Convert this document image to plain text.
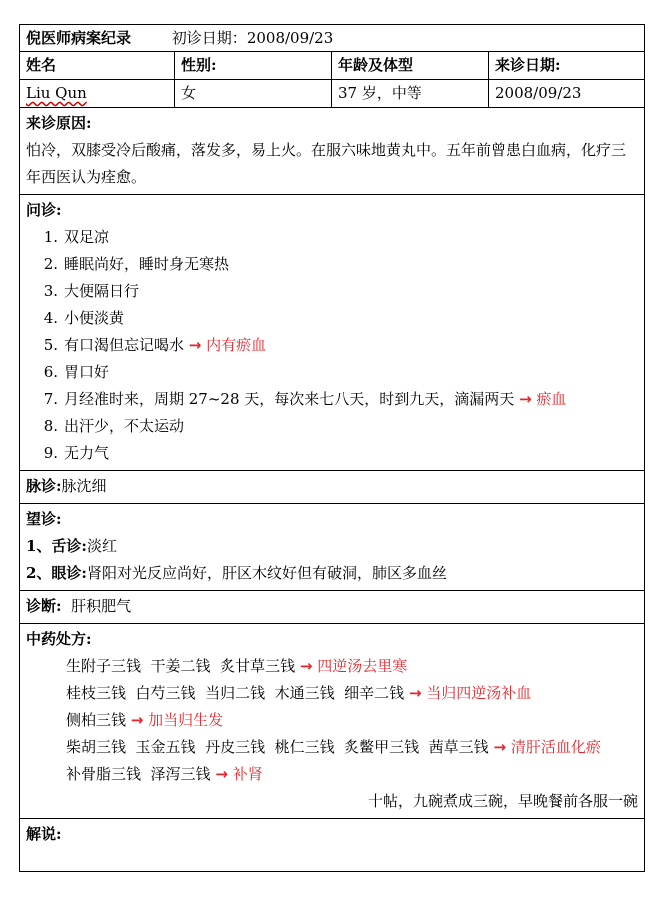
倪医师病案纪录	初诊日期：2008/09/23
姓名	性别:	年龄及体型	来诊日期:
Liu Qun	女	37 岁，中等	2008/09/23
来诊原因:
怕冷，双膝受冷后酸痛，落发多，易上火。在服六味地黄丸中。五年前曾患白血病，化疗三年西医认为痊愈。
问诊:
1. 双足凉
2. 睡眠尚好，睡时身无寒热
3. 大便隔日行
4. 小便淡黄
5. 有口渴但忘记喝水 → 内有瘀血
6. 胃口好
7. 月经准时来，周期 27~28 天，每次来七八天，时到九天，滴漏两天 → 瘀血
8. 出汗少，不太运动
9. 无力气
脉诊:脉沈细
望诊:
1、舌诊:淡红
2、眼诊:肾阳对光反应尚好，肝区木纹好但有破洞，肺区多血丝
诊断: 肝积肥气
中药处方:
生附子三钱  干姜二钱  炙甘草三钱 → 四逆汤去里寒
桂枝三钱  白芍三钱  当归二钱  木通三钱  细辛二钱 → 当归四逆汤补血
侧柏三钱 → 加当归生发
柴胡三钱  玉金五钱  丹皮三钱  桃仁三钱  炙鳖甲三钱  茜草三钱 → 清肝活血化瘀
补骨脂三钱  泽泻三钱 → 补肾
十帖，九碗煮成三碗，早晚餐前各服一碗
解说:
